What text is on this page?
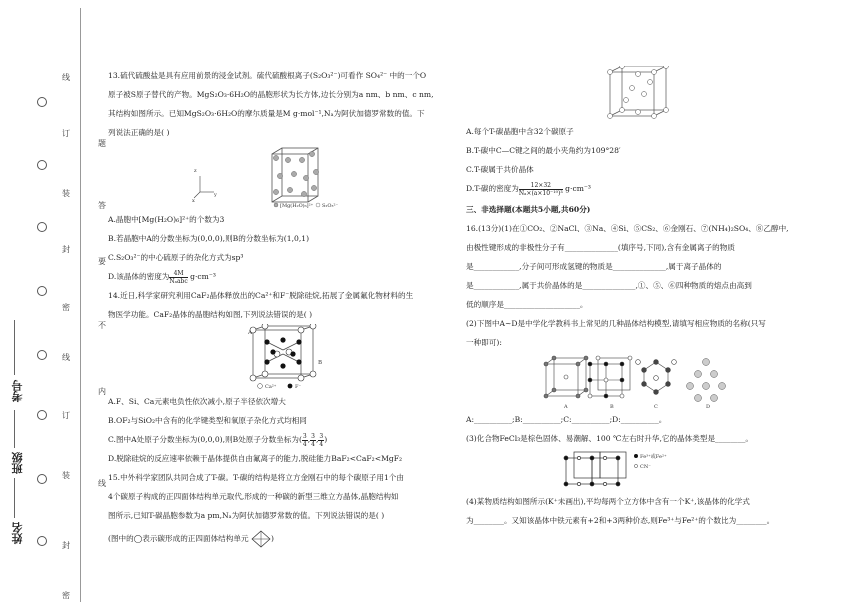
线
订
题
装
答
封
要
密
不
线
内
订
装
线
封
密
考号
班级
姓名

13.硫代硫酸盐是具有应用前景的浸金试剂。硫代硫酸根离子(S₂O₃²⁻)可看作 SO₄²⁻ 中的一个O

原子被S原子替代的产物。MgS₂O₃·6H₂O的晶胞形状为长方体,边长分别为a nm、b nm、c nm,

其结构如图所示。已知MgS₂O₃·6H₂O的摩尔质量是M g·mol⁻¹,Nₐ为阿伏加德罗常数的值。下

列说法正确的是( )

z
y
x
[Mg(H₂O)₆]²⁺ S₂O₃²⁻

A.晶胞中[Mg(H₂O)₆]²⁺的个数为3

B.若晶胞中A的分数坐标为(0,0,0),则B的分数坐标为(1,0,1)

C.S₂O₃²⁻的中心硫原子的杂化方式为sp³

D.该晶体的密度为 $\frac{4M}{\text{Nₐabc}} g\cdot cm^{-3}$

14.近日,科学家研究利用CaF₂晶体释放出的Ca²⁺和F⁻脱除硅烷,拓展了金属氟化物材料的生

物医学功能。CaF₂晶体的晶胞结构如图,下列说法错误的是( )

A
B
Ca²⁺	F⁻

A.F、Si、Ca元素电负性依次减小,原子半径依次增大

B.OF₂与SiO₂中含有的化学键类型和氧原子杂化方式均相同

C.图中A处原子分数坐标为(0,0,0),则B处原子分数坐标为( $\frac{3}{4}$, $\frac{3}{4}$, $\frac{3}{4}$)

D.脱除硅烷的反应速率依赖于晶体提供自由氟离子的能力,脱硅能力BaF₂<CaF₂<MgF₂

15.中外科学家团队共同合成了T-碳。T-碳的结构是将立方金刚石中的每个碳原子用1个由

4个碳原子构成的正四面体结构单元取代,形成的一种碳的新型三维立方晶体,晶胞结构如

图所示,已知T-碳晶胞参数为a pm,Nₐ为阿伏加德罗常数的值。下列说法错误的是( )

(图中的◯表示碳形成的正四面体结构单元	)

A.每个T-碳晶胞中含32个碳原子

B.T-碳中C—C键之间的最小夹角约为109°28′

C.T-碳属于共价晶体

D.T-碳的密度为 $\frac{12\times 32}{\text{Nₐ×(a×10⁻¹⁰)³}} g\cdot cm^{-3}$

三、非选择题(本题共5小题,共60分)

16.(13分)(1)在①CO₂、②NaCl、③Na、④Si、⑤CS₂、⑥金刚石、⑦(NH₄)₂SO₄、⑧乙醇中,

由极性键形成的非极性分子有______________(填序号,下同),含有金属离子的物质

是____________,分子间可形成氢键的物质是______________,属于离子晶体的

是____________,属于共价晶体的是______________,①、⑤、⑥四种物质的熔点由高到

低的顺序是____________________。

(2)下图中A~D是中学化学教科书上常见的几种晶体结构模型,请填写相应物质的名称(只写

一种即可):

A	B	C	D

A:__________;B:__________;C:__________;D:__________。

(3)化合物FeCl₃是棕色固体、易潮解、100 ℃左右时升华,它的晶体类型是________。

Fe³⁺或Fe²⁺
CN⁻

(4)某物质结构如图所示(K⁺未画出),平均每两个立方体中含有一个K⁺,该晶体的化学式

为________。又知该晶体中铁元素有+2和+3两种价态,则Fe³⁺与Fe²⁺的个数比为________。
